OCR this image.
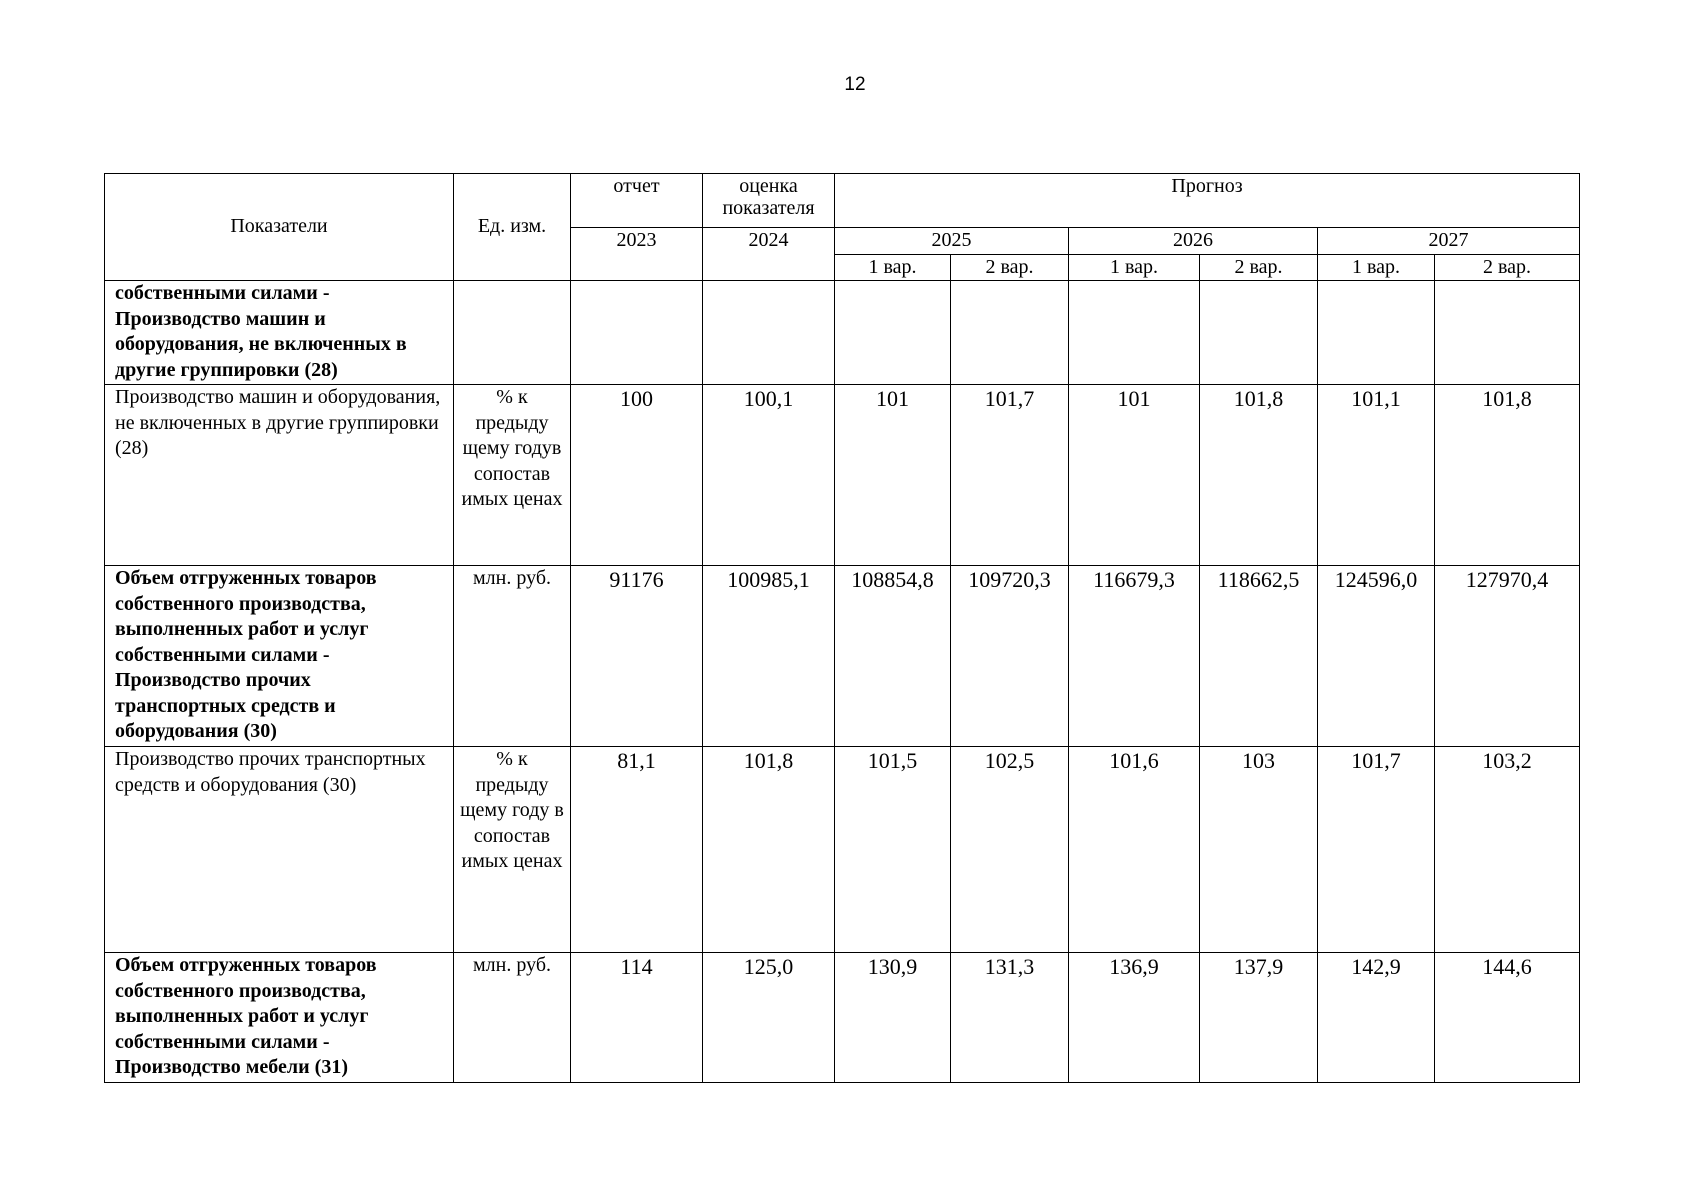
12
Показатели	Ед. изм.	отчет	оценка показателя	Прогноз					
		2023	2024	2025		2026		2027	
				1 вар.	2 вар.	1 вар.	2 вар.	1 вар.	2 вар.
собственными силами - Производство машин и оборудования, не включенных в другие группировки (28)									
Производство машин и оборудования, не включенных в другие группировки (28)	% к предыду щему годув сопостав имых ценах	100	100,1	101	101,7	101	101,8	101,1	101,8
Объем отгруженных товаров собственного производства, выполненных работ и услуг собственными силами - Производство прочих транспортных средств и оборудования (30)	млн. руб.	91176	100985,1	108854,8	109720,3	116679,3	118662,5	124596,0	127970,4
Производство прочих транспортных средств и оборудования (30)	% к предыду щему году в сопостав имых ценах	81,1	101,8	101,5	102,5	101,6	103	101,7	103,2
Объем отгруженных товаров собственного производства, выполненных работ и услуг собственными силами - Производство мебели (31)	млн. руб.	114	125,0	130,9	131,3	136,9	137,9	142,9	144,6
